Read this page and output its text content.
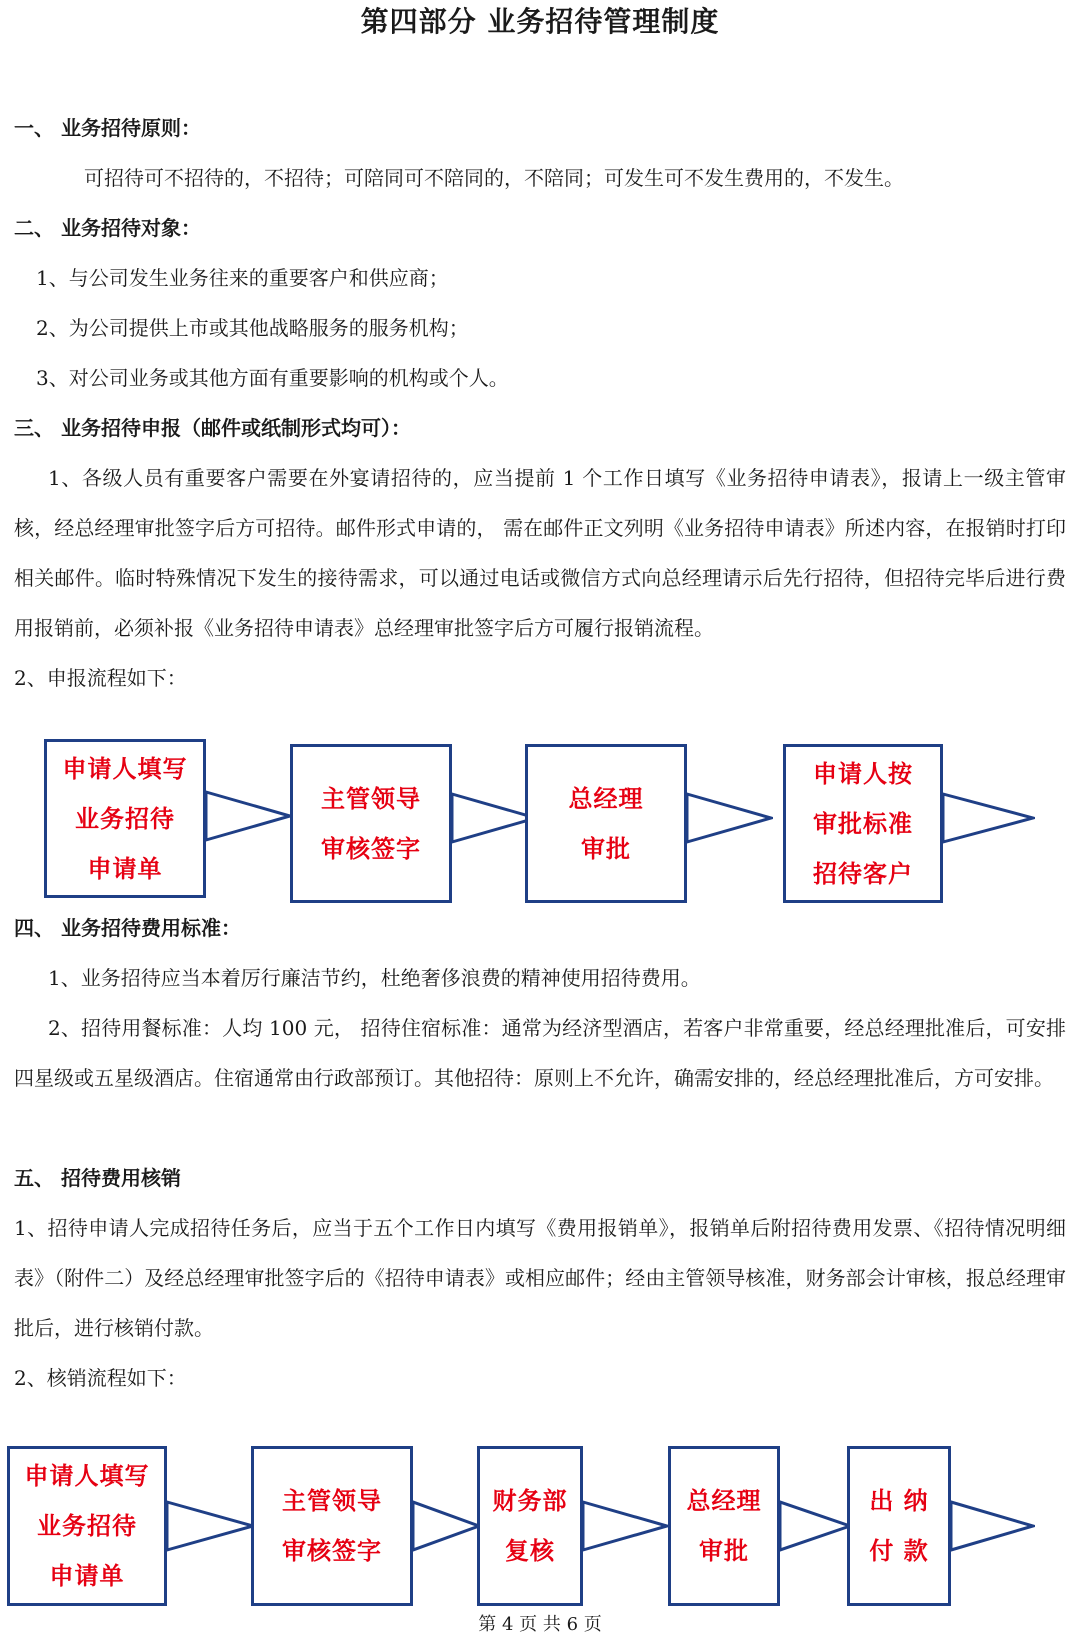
第四部分 业务招待管理制度
一、 业务招待原则：
可招待可不招待的，不招待；可陪同可不陪同的，不陪同；可发生可不发生费用的，不发生。
二、 业务招待对象：
1、与公司发生业务往来的重要客户和供应商；
2、为公司提供上市或其他战略服务的服务机构；
3、对公司业务或其他方面有重要影响的机构或个人。
三、 业务招待申报（邮件或纸制形式均可）：
1、各级人员有重要客户需要在外宴请招待的，应当提前 1 个工作日填写《业务招待申请表》，报请上一级主管审核，经总经理审批签字后方可招待。邮件形式申请的， 需在邮件正文列明《业务招待申请表》所述内容，在报销时打印相关邮件。临时特殊情况下发生的接待需求，可以通过电话或微信方式向总经理请示后先行招待，但招待完毕后进行费用报销前，必须补报《业务招待申请表》总经理审批签字后方可履行报销流程。
2、申报流程如下：
申请人填写
业务招待
申请单
主管领导
审核签字
总经理
审批
申请人按
审批标准
招待客户
四、 业务招待费用标准：
1、业务招待应当本着厉行廉洁节约，杜绝奢侈浪费的精神使用招待费用。
2、招待用餐标准：人均 100 元， 招待住宿标准：通常为经济型酒店，若客户非常重要，经总经理批准后，可安排四星级或五星级酒店。住宿通常由行政部预订。其他招待：原则上不允许，确需安排的，经总经理批准后，方可安排。
五、 招待费用核销
1、招待申请人完成招待任务后，应当于五个工作日内填写《费用报销单》，报销单后附招待费用发票、《招待情况明细表》（附件二）及经总经理审批签字后的《招待申请表》或相应邮件；经由主管领导核准，财务部会计审核，报总经理审批后，进行核销付款。
2、核销流程如下：
申请人填写
业务招待
申请单
主管领导
审核签字
财务部
复核
总经理
审批
出 纳
付 款
第 4 页 共 6 页
